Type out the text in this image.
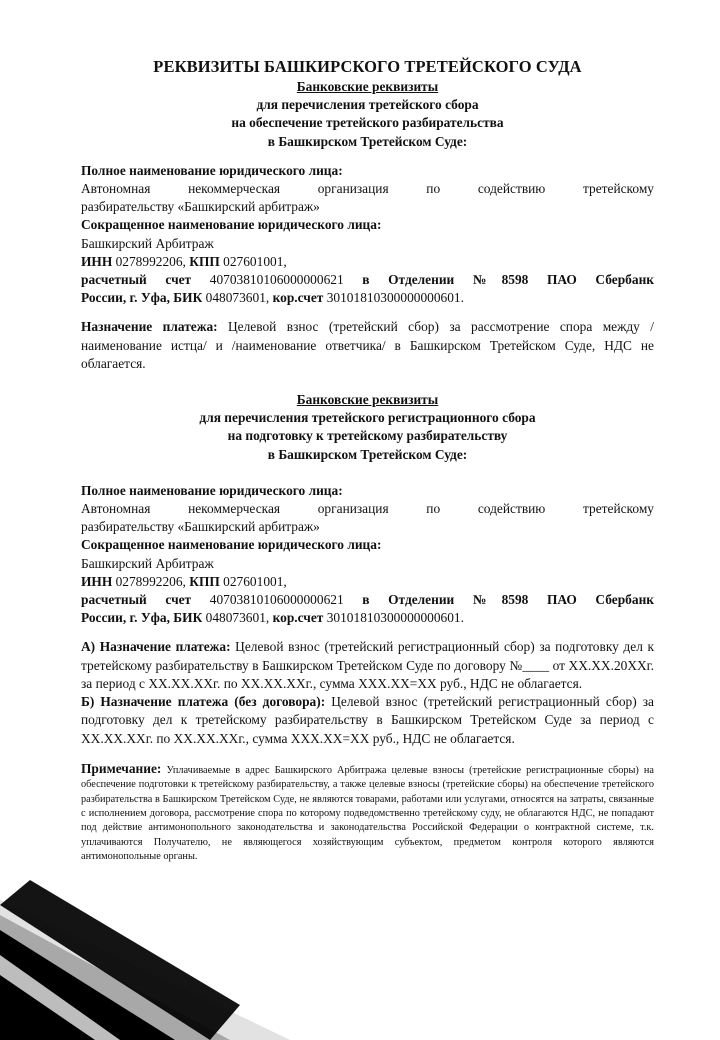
РЕКВИЗИТЫ БАШКИРСКОГО ТРЕТЕЙСКОГО СУДА
Банковские реквизиты
для перечисления третейского сбора
на обеспечение третейского разбирательства
в Башкирском Третейском Суде:
Полное наименование юридического лица:
Автономная некоммерческая организация по содействию третейскому
разбирательству «Башкирский арбитраж»
Сокращенное наименование юридического лица:
Башкирский Арбитраж
ИНН 0278992206, КПП 027601001,
расчетный счет 40703810106000000621 в Отделении №8598 ПАО Сбербанк
России, г. Уфа, БИК 048073601, кор.счет 30101810300000000601.
Назначение платежа: Целевой взнос (третейский сбор) за рассмотрение спора между /наименование истца/ и /наименование ответчика/ в Башкирском Третейском Суде, НДС не облагается.
Банковские реквизиты
для перечисления третейского регистрационного сбора
на подготовку к третейскому разбирательству
в Башкирском Третейском Суде:
Полное наименование юридического лица:
Автономная некоммерческая организация по содействию третейскому
разбирательству «Башкирский арбитраж»
Сокращенное наименование юридического лица:
Башкирский Арбитраж
ИНН 0278992206, КПП 027601001,
расчетный счет 40703810106000000621 в Отделении №8598 ПАО Сбербанк
России, г. Уфа, БИК 048073601, кор.счет 30101810300000000601.
А) Назначение платежа: Целевой взнос (третейский регистрационный сбор) за подготовку дел к третейскому разбирательству в Башкирском Третейском Суде по договору №____ от ХХ.ХХ.20ХХг. за период с ХХ.ХХ.ХХг. по ХХ.ХХ.ХХг., сумма ХХХ.ХХ=ХХ руб., НДС не облагается.
Б) Назначение платежа (без договора): Целевой взнос (третейский регистрационный сбор) за подготовку дел к третейскому разбирательству в Башкирском Третейском Суде за период с ХХ.ХХ.ХХг. по ХХ.ХХ.ХХг., сумма ХХХ.ХХ=ХХ руб., НДС не облагается.
Примечание: Уплачиваемые в адрес Башкирского Арбитража целевые взносы (третейские регистрационные сборы) на обеспечение подготовки к третейскому разбирательству, а также целевые взносы (третейские сборы) на обеспечение третейского разбирательства в Башкирском Третейском Суде, не являются товарами, работами или услугами, относятся на затраты, связанные с исполнением договора, рассмотрение спора по которому подведомственно третейскому суду, не облагаются НДС, не попадают под действие антимонопольного законодательства и законодательства Российской Федерации о контрактной системе, т.к. уплачиваются Получателю, не являющегося хозяйствующим субъектом, предметом контроля которого являются антимонопольные органы.
